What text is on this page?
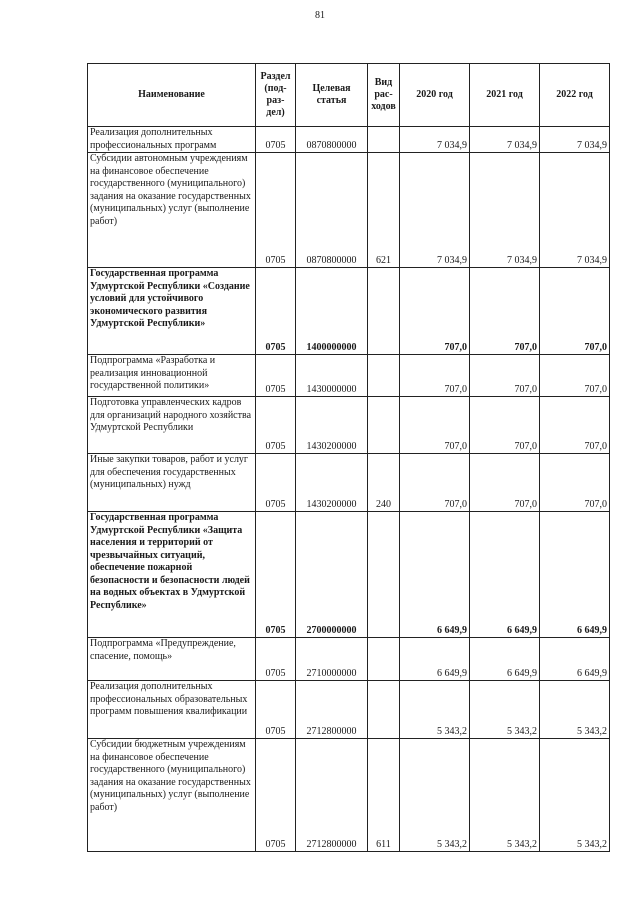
81
Наименование	Раздел (под-раз-дел)	Целевая статья	Вид рас-ходов	2020 год	2021 год	2022 год
Реализация дополнительных профессиональных программ	0705	0870800000		7 034,9	7 034,9	7 034,9
Субсидии автономным учреждениям на финансовое обеспечение государственного (муниципального) задания на оказание государственных (муниципальных) услуг (выполнение работ)	0705	0870800000	621	7 034,9	7 034,9	7 034,9
Государственная программа Удмуртской Республики «Создание условий для устойчивого экономического развития Удмуртской Республики»	0705	1400000000		707,0	707,0	707,0
Подпрограмма «Разработка и реализация инновационной государственной политики»	0705	1430000000		707,0	707,0	707,0
Подготовка управленческих кадров для организаций народного хозяйства Удмуртской Республики	0705	1430200000		707,0	707,0	707,0
Иные закупки товаров, работ и услуг для обеспечения государственных (муниципальных) нужд	0705	1430200000	240	707,0	707,0	707,0
Государственная программа Удмуртской Республики «Защита населения и территорий от чрезвычайных ситуаций, обеспечение пожарной безопасности и безопасности людей на водных объектах в Удмуртской Республике»	0705	2700000000		6 649,9	6 649,9	6 649,9
Подпрограмма «Предупреждение, спасение, помощь»	0705	2710000000		6 649,9	6 649,9	6 649,9
Реализация дополнительных профессиональных образовательных программ повышения квалификации	0705	2712800000		5 343,2	5 343,2	5 343,2
Субсидии бюджетным учреждениям на финансовое обеспечение государственного (муниципального) задания на оказание государственных (муниципальных) услуг (выполнение работ)	0705	2712800000	611	5 343,2	5 343,2	5 343,2
